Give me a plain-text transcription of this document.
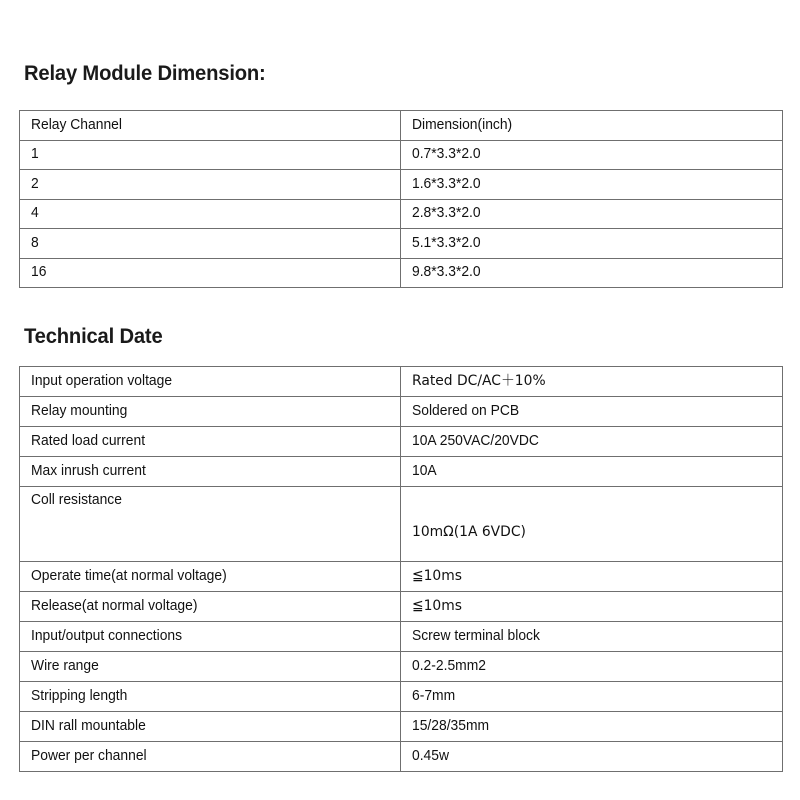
Relay Module Dimension:
Relay Channel	Dimension(inch)
1	0.7*3.3*2.0
2	1.6*3.3*2.0
4	2.8*3.3*2.0
8	5.1*3.3*2.0
16	9.8*3.3*2.0
Technical Date
Input operation voltage	Rated DC/AC＋10%
Relay mounting	Soldered on PCB
Rated load current	10A 250VAC/20VDC
Max inrush current	10A
Coll resistance	10mΩ(1A 6VDC)
Operate time(at normal voltage)	≦10ms
Release(at normal voltage)	≦10ms
Input/output connections	Screw terminal block
Wire range	0.2-2.5mm2
Stripping length	6-7mm
DIN rall mountable	15/28/35mm
Power per channel	0.45w
